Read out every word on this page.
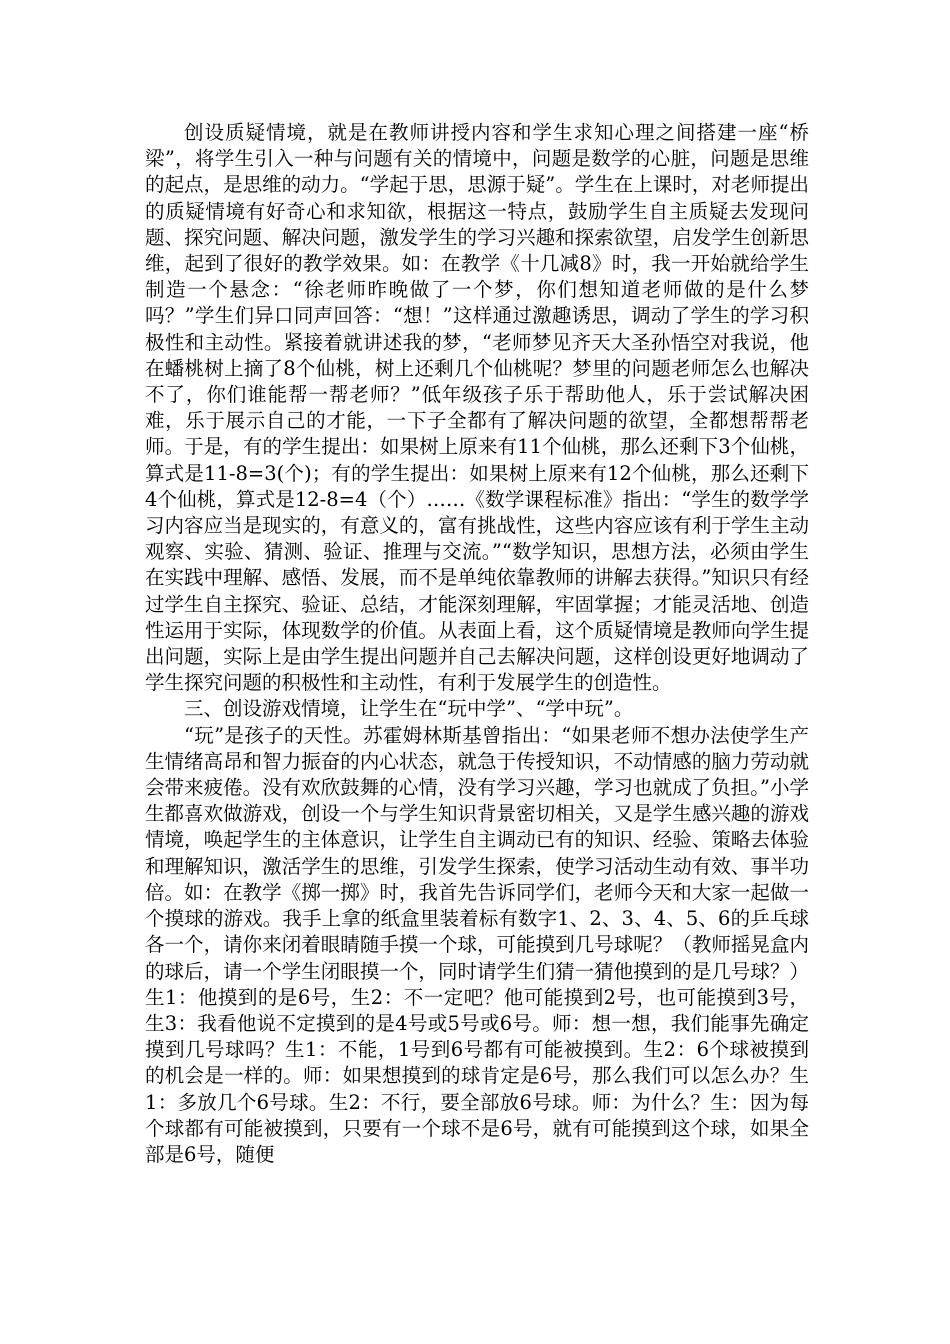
创设质疑情境，就是在教师讲授内容和学生求知心理之间搭建一座“桥梁”，将学生引入一种与问题有关的情境中，问题是数学的心脏，问题是思维的起点，是思维的动力。“学起于思，思源于疑”。学生在上课时，对老师提出的质疑情境有好奇心和求知欲，根据这一特点，鼓励学生自主质疑去发现问题、探究问题、解决问题，激发学生的学习兴趣和探索欲望，启发学生创新思维，起到了很好的教学效果。如：在教学《十几减8》时，我一开始就给学生制造一个悬念：“徐老师昨晚做了一个梦，你们想知道老师做的是什么梦吗？”学生们异口同声回答：“想！”这样通过激趣诱思，调动了学生的学习积极性和主动性。紧接着就讲述我的梦，“老师梦见齐天大圣孙悟空对我说，他在蟠桃树上摘了8个仙桃，树上还剩几个仙桃呢？梦里的问题老师怎么也解决不了，你们谁能帮一帮老师？”低年级孩子乐于帮助他人，乐于尝试解决困难，乐于展示自己的才能，一下子全都有了解决问题的欲望，全都想帮帮老师。于是，有的学生提出：如果树上原来有11个仙桃，那么还剩下3个仙桃，算式是11-8=3(个)；有的学生提出：如果树上原来有12个仙桃，那么还剩下4个仙桃，算式是12-8=4（个）……《数学课程标准》指出：“学生的数学学习内容应当是现实的，有意义的，富有挑战性，这些内容应该有利于学生主动观察、实验、猜测、验证、推理与交流。”“数学知识，思想方法，必须由学生在实践中理解、感悟、发展，而不是单纯依靠教师的讲解去获得。”知识只有经过学生自主探究、验证、总结，才能深刻理解，牢固掌握；才能灵活地、创造性运用于实际，体现数学的价值。从表面上看，这个质疑情境是教师向学生提出问题，实际上是由学生提出问题并自己去解决问题，这样创设更好地调动了学生探究问题的积极性和主动性，有利于发展学生的创造性。

三、创设游戏情境，让学生在“玩中学”、“学中玩”。

“玩”是孩子的天性。苏霍姆林斯基曾指出：“如果老师不想办法使学生产生情绪高昂和智力振奋的内心状态，就急于传授知识，不动情感的脑力劳动就会带来疲倦。没有欢欣鼓舞的心情，没有学习兴趣，学习也就成了负担。”小学生都喜欢做游戏，创设一个与学生知识背景密切相关，又是学生感兴趣的游戏情境，唤起学生的主体意识，让学生自主调动已有的知识、经验、策略去体验和理解知识，激活学生的思维，引发学生探索，使学习活动生动有效、事半功倍。如：在教学《掷一掷》时，我首先告诉同学们，老师今天和大家一起做一个摸球的游戏。我手上拿的纸盒里装着标有数字1、2、3、4、5、6的乒乓球各一个，请你来闭着眼睛随手摸一个球，可能摸到几号球呢？（教师摇晃盒内的球后，请一个学生闭眼摸一个，同时请学生们猜一猜他摸到的是几号球？）生1：他摸到的是6号，生2：不一定吧？他可能摸到2号，也可能摸到3号，生3：我看他说不定摸到的是4号或5号或6号。师：想一想，我们能事先确定摸到几号球吗？生1：不能，1号到6号都有可能被摸到。生2：6个球被摸到的机会是一样的。师：如果想摸到的球肯定是6号，那么我们可以怎么办？生1：多放几个6号球。生2：不行，要全部放6号球。师：为什么？生：因为每个球都有可能被摸到，只要有一个球不是6号，就有可能摸到这个球，如果全部是6号，随便
